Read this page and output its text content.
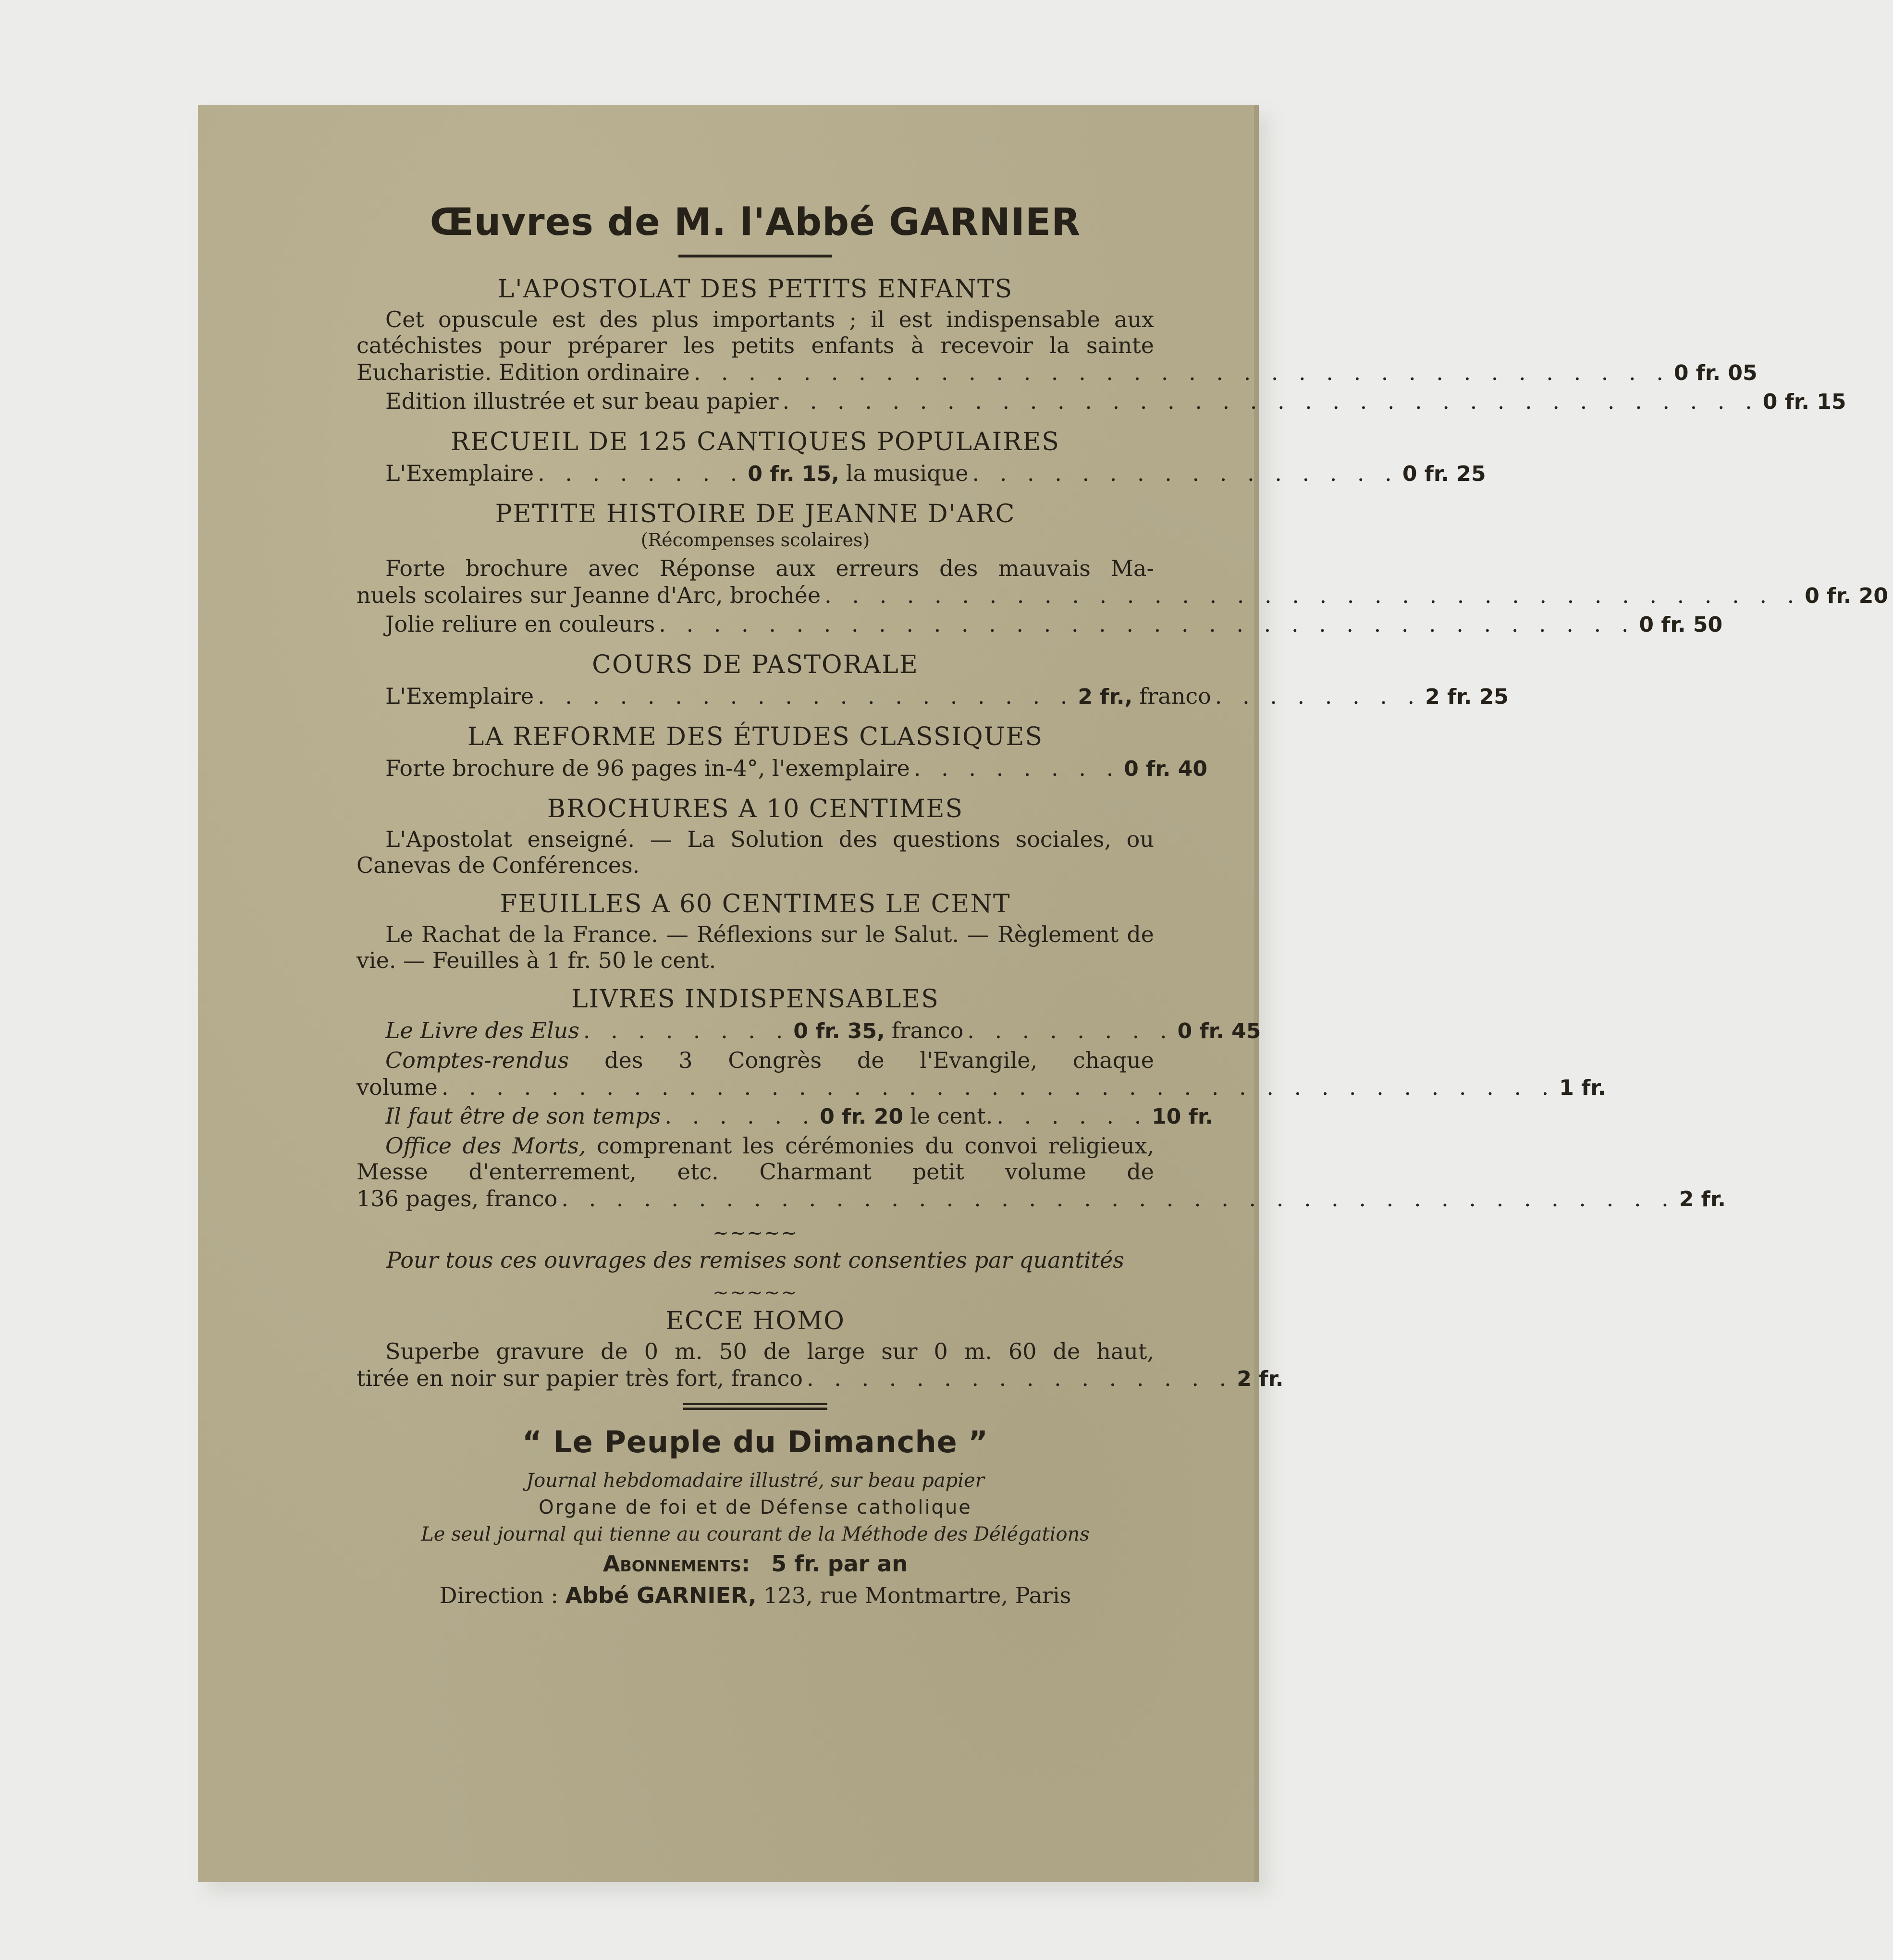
Œuvres de M. l'Abbé GARNIER
L'APOSTOLAT DES PETITS ENFANTS

Cet opuscule est des plus importants ; il est indispensable aux catéchistes pour préparer les petits enfants à recevoir la sainte

Eucharistie. Edition ordinaire . . . . . . . . . . . . . . . . . . . . . . . . . . . . . . . . . . . . 0 fr. 05
Edition illustrée et sur beau papier . . . . . . . . . . . . . . . . . . . . . . . . . . . . . . . . . . . . 0 fr. 15
RECUEIL DE 125 CANTIQUES POPULAIRES
L'Exemplaire . . . . . . . . 0 fr. 15, la musique . . . . . . . . . . . . . . . . 0 fr. 25
PETITE HISTOIRE DE JEANNE D'ARC
(Récompenses scolaires)

Forte brochure avec Réponse aux erreurs des mauvais Ma-

nuels scolaires sur Jeanne d'Arc, brochée . . . . . . . . . . . . . . . . . . . . . . . . . . . . . . . . . . . . 0 fr. 20
Jolie reliure en couleurs . . . . . . . . . . . . . . . . . . . . . . . . . . . . . . . . . . . . 0 fr. 50
COURS DE PASTORALE
L'Exemplaire . . . . . . . . . . . . . . . . . . . . 2 fr., franco . . . . . . . . 2 fr. 25
LA REFORME DES ÉTUDES CLASSIQUES
Forte brochure de 96 pages in-4°, l'exemplaire . . . . . . . . 0 fr. 40
BROCHURES A 10 CENTIMES

L'Apostolat enseigné. — La Solution des questions sociales, ou Canevas de Conférences.

FEUILLES A 60 CENTIMES LE CENT

Le Rachat de la France. — Réflexions sur le Salut. — Règlement de vie. — Feuilles à 1 fr. 50 le cent.

LIVRES INDISPENSABLES
Le Livre des Elus . . . . . . . . 0 fr. 35, franco . . . . . . . . 0 fr. 45

Comptes-rendus des 3 Congrès de l'Evangile, chaque

volume . . . . . . . . . . . . . . . . . . . . . . . . . . . . . . . . . . . . . . . . . 1 fr.
Il faut être de son temps . . . . . . 0 fr. 20 le cent. . . . . . . 10 fr.

Office des Morts, comprenant les cérémonies du convoi religieux, Messe d'enterrement, etc. Charmant petit volume de

136 pages, franco . . . . . . . . . . . . . . . . . . . . . . . . . . . . . . . . . . . . . . . . . 2 fr.
~~~~~

Pour tous ces ouvrages des remises sont consenties par quantités

~~~~~
ECCE HOMO

Superbe gravure de 0 m. 50 de large sur 0 m. 60 de haut,

tirée en noir sur papier très fort, franco . . . . . . . . . . . . . . . . 2 fr.
“ Le Peuple du Dimanche ”

Journal hebdomadaire illustré, sur beau papier

Organe de foi et de Défense catholique

Le seul journal qui tienne au courant de la Méthode des Délégations

Abonnements: 5 fr. par an

Direction : Abbé GARNIER, 123, rue Montmartre, Paris
